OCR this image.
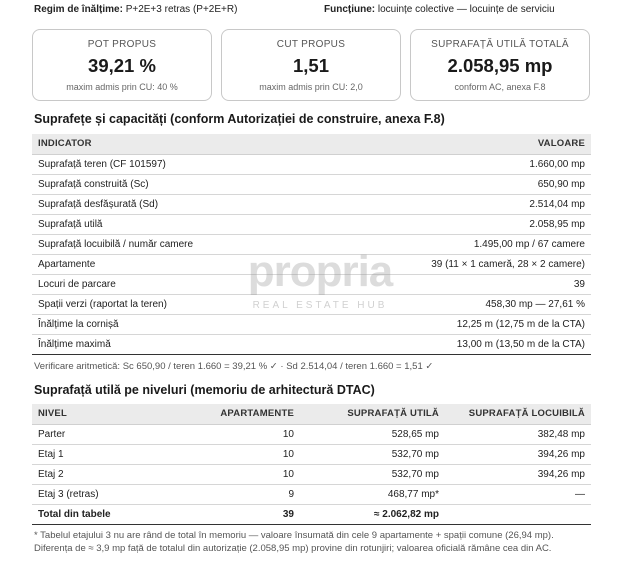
Regim de înălțime: P+2E+3 retras (P+2E+R)	Funcțiune: locuințe colective — locuințe de serviciu
POT PROPUS
39,21 %
maxim admis prin CU: 40 %
CUT PROPUS
1,51
maxim admis prin CU: 2,0
SUPRAFAȚĂ UTILĂ TOTALĂ
2.058,95 mp
conform AC, anexa F.8
Suprafețe și capacități (conform Autorizației de construire, anexa F.8)
INDICATOR	VALOARE
Suprafață teren (CF 101597)	1.660,00 mp
Suprafață construită (Sc)	650,90 mp
Suprafață desfășurată (Sd)	2.514,04 mp
Suprafață utilă	2.058,95 mp
Suprafață locuibilă / număr camere	1.495,00 mp / 67 camere
Apartamente	39 (11 × 1 cameră, 28 × 2 camere)
Locuri de parcare	39
Spații verzi (raportat la teren)	458,30 mp — 27,61 %
Înălțime la cornișă	12,25 m (12,75 m de la CTA)
Înălțime maximă	13,00 m (13,50 m de la CTA)
Verificare aritmetică: Sc 650,90 / teren 1.660 = 39,21 % ✓ · Sd 2.514,04 / teren 1.660 = 1,51 ✓
Suprafață utilă pe niveluri (memoriu de arhitectură DTAC)
NIVEL	APARTAMENTE	SUPRAFAȚĂ UTILĂ	SUPRAFAȚĂ LOCUIBILĂ
Parter	10	528,65 mp	382,48 mp
Etaj 1	10	532,70 mp	394,26 mp
Etaj 2	10	532,70 mp	394,26 mp
Etaj 3 (retras)	9	468,77 mp*	—
Total din tabele	39	≈ 2.062,82 mp	
* Tabelul etajului 3 nu are rând de total în memoriu — valoare însumată din cele 9 apartamente + spații comune (26,94 mp). Diferența de ≈ 3,9 mp față de totalul din autorizație (2.058,95 mp) provine din rotunjiri; valoarea oficială rămâne cea din AC.
propria
REAL ESTATE HUB
